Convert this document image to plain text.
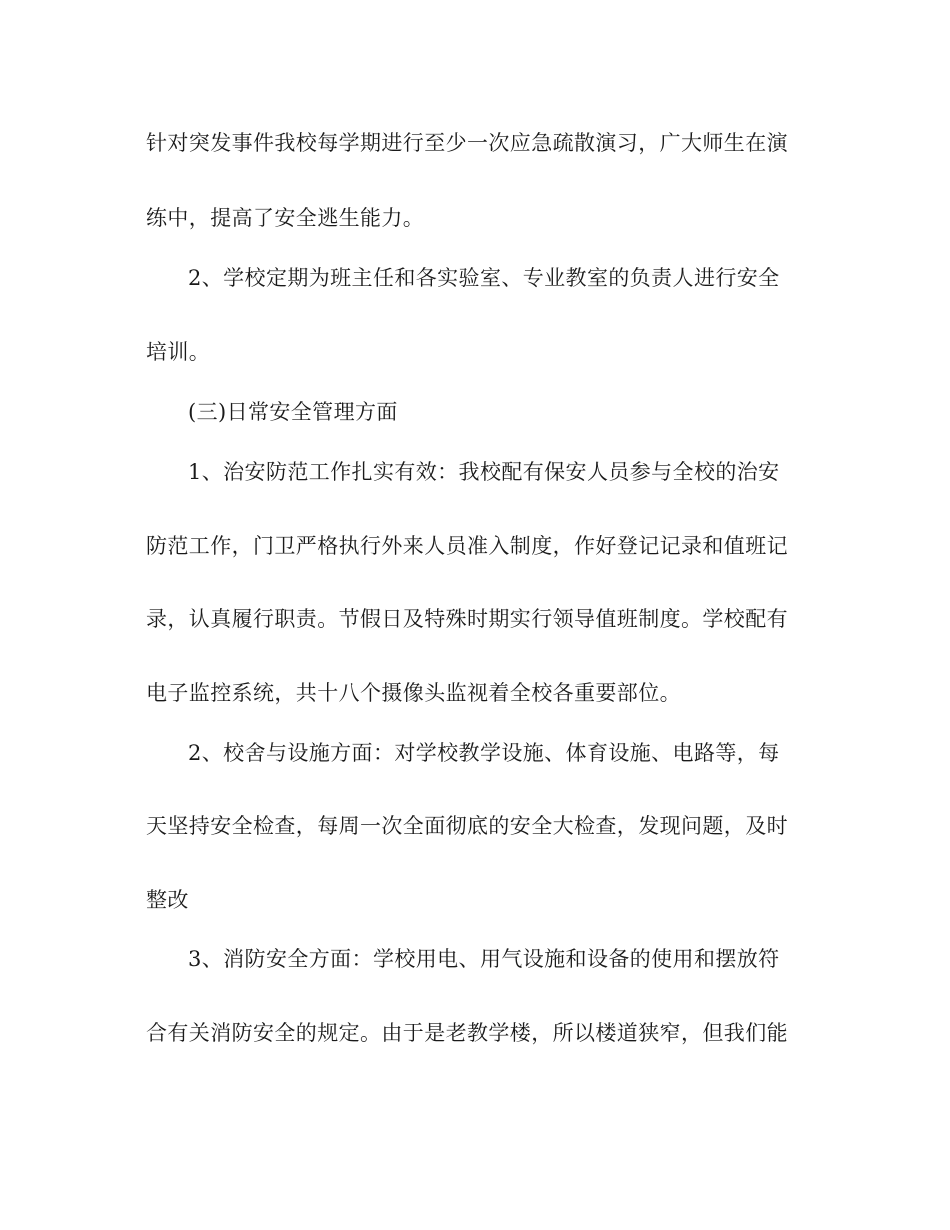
针对突发事件我校每学期进行至少一次应急疏散演习，广大师生在演
练中，提高了安全逃生能力。
2、学校定期为班主任和各实验室、专业教室的负责人进行安全
培训。
(三)日常安全管理方面
1、治安防范工作扎实有效：我校配有保安人员参与全校的治安
防范工作，门卫严格执行外来人员准入制度，作好登记记录和值班记
录，认真履行职责。节假日及特殊时期实行领导值班制度。学校配有
电子监控系统，共十八个摄像头监视着全校各重要部位。
2、校舍与设施方面：对学校教学设施、体育设施、电路等，每
天坚持安全检查，每周一次全面彻底的安全大检查，发现问题，及时
整改
3、消防安全方面：学校用电、用气设施和设备的使用和摆放符
合有关消防安全的规定。由于是老教学楼，所以楼道狭窄，但我们能
